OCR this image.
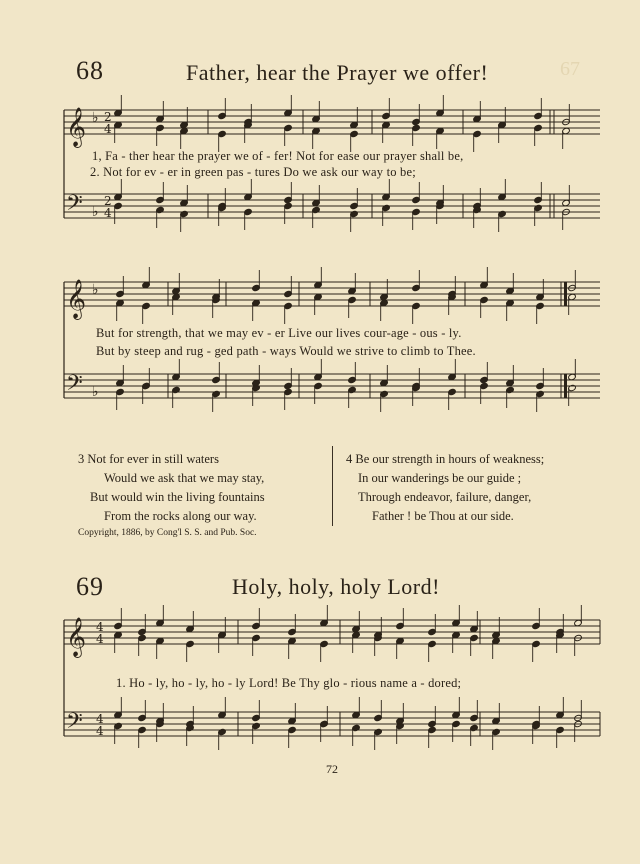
67
68	Father, hear the Prayer we offer!
1, Fa - ther hear the prayer we of - fer! Not for ease our prayer shall be,
2. Not for ev - er in green pas - tures Do we ask our way to be;
But for strength, that we may ev - er Live our lives cour-age - ous - ly.
But by steep and rug - ged path - ways Would we strive to climb to Thee.
3 Not for ever in still waters
Would we ask that we may stay,
But would win the living fountains
From the rocks along our way.
4 Be our strength in hours of weakness;
In our wanderings be our guide ;
Through endeavor, failure, danger,
Father ! be Thou at our side.
Copyright, 1886, by Cong'l S. S. and Pub. Soc.
69	Holy, holy, holy Lord!
1. Ho - ly, ho - ly, ho - ly Lord! Be Thy glo - rious name a - dored;
72
𝄞
𝄢
♭
♭
2
4
2
4
𝄞
𝄢
♭
♭
𝄞
𝄢
4
4
4
4
